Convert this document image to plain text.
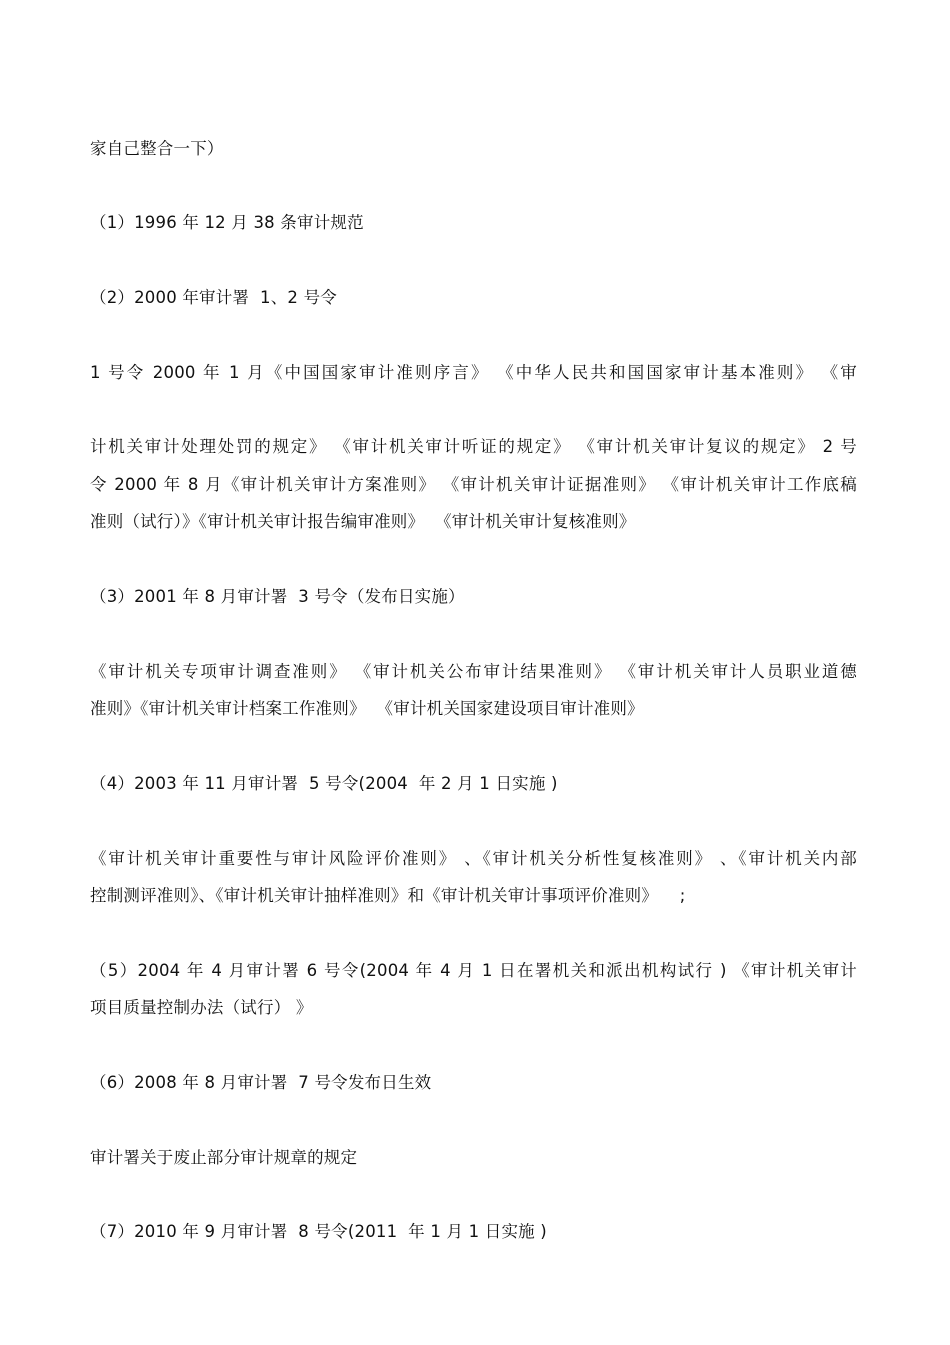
家自己整合一下）
（1）1996 年 12 月 38 条审计规范
（2）2000 年审计署  1、2 号令
1 号令 2000 年 1 月《中国国家审计准则序言》 《中华人民共和国国家审计基本准则》 《审
计机关审计处理处罚的规定》 《审计机关审计听证的规定》 《审计机关审计复议的规定》 2 号
令 2000 年 8 月《审计机关审计方案准则》 《审计机关审计证据准则》 《审计机关审计工作底稿
准则（试行）》《审计机关审计报告编审准则》  《审计机关审计复核准则》
（3）2001 年 8 月审计署  3 号令（发布日实施）
《审计机关专项审计调查准则》 《审计机关公布审计结果准则》 《审计机关审计人员职业道德
准则》《审计机关审计档案工作准则》  《审计机关国家建设项目审计准则》
（4）2003 年 11 月审计署  5 号令(2004  年 2 月 1 日实施 )
《审计机关审计重要性与审计风险评价准则》 、《审计机关分析性复核准则》 、《审计机关内部
控制测评准则》、《审计机关审计抽样准则》和《审计机关审计事项评价准则》    ;
（5）2004 年 4 月审计署 6 号令(2004 年 4 月 1 日在署机关和派出机构试行 ) 《审计机关审计
项目质量控制办法（试行） 》
（6）2008 年 8 月审计署  7 号令发布日生效
审计署关于废止部分审计规章的规定
（7）2010 年 9 月审计署  8 号令(2011  年 1 月 1 日实施 )
